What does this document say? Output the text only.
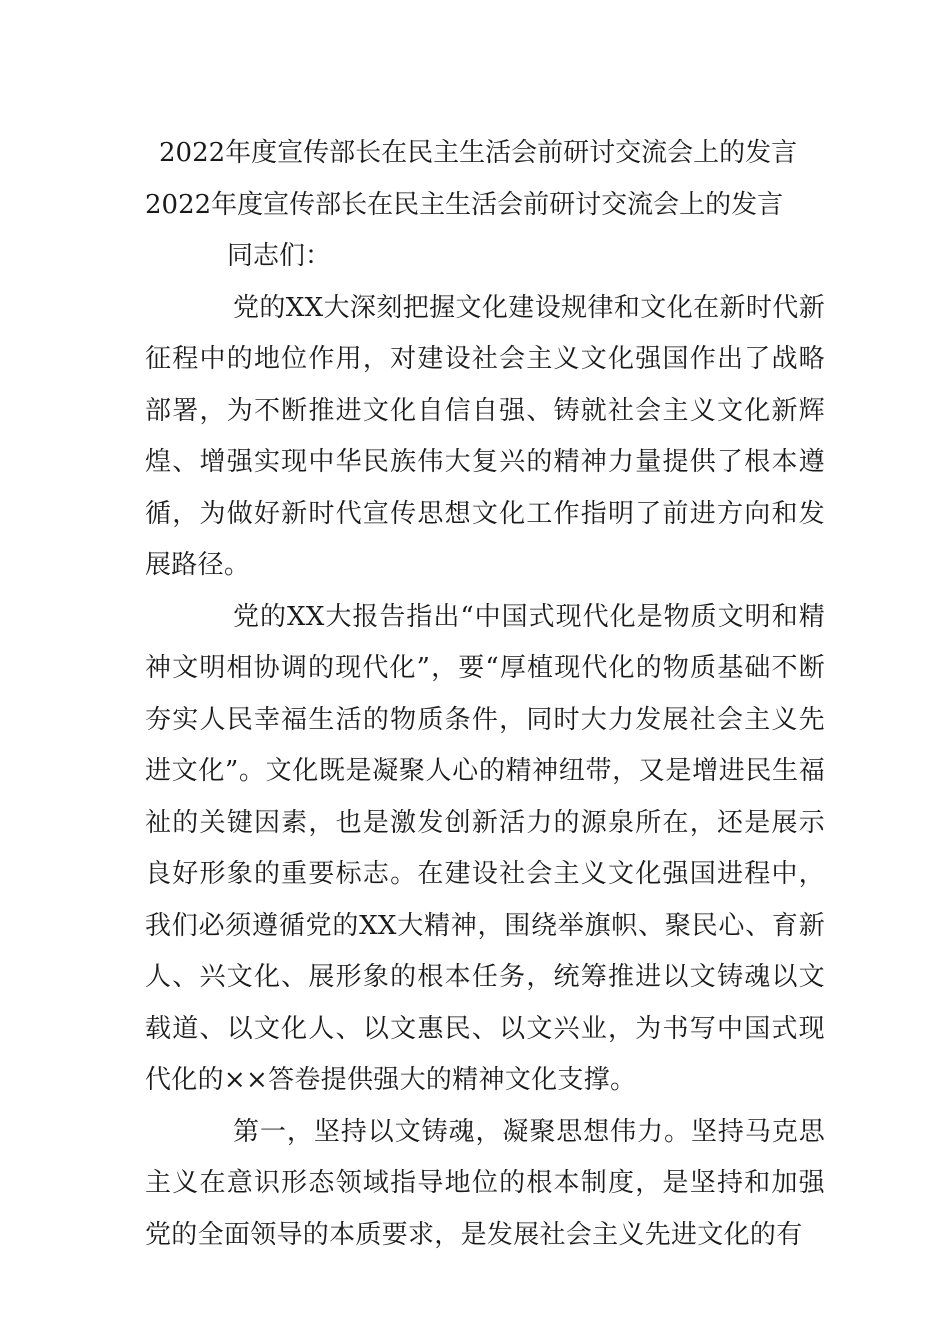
2022年度宣传部长在民主生活会前研讨交流会上的发言
2022年度宣传部长在民主生活会前研讨交流会上的发言

同志们：

党的XX大深刻把握文化建设规律和文化在新时代新征程中的地位作用，对建设社会主义文化强国作出了战略部署，为不断推进文化自信自强、铸就社会主义文化新辉煌、增强实现中华民族伟大复兴的精神力量提供了根本遵循，为做好新时代宣传思想文化工作指明了前进方向和发展路径。

党的XX大报告指出“中国式现代化是物质文明和精神文明相协调的现代化”，要“厚植现代化的物质基础不断夯实人民幸福生活的物质条件，同时大力发展社会主义先进文化”。文化既是凝聚人心的精神纽带，又是增进民生福祉的关键因素，也是激发创新活力的源泉所在，还是展示良好形象的重要标志。在建设社会主义文化强国进程中，我们必须遵循党的XX大精神，围绕举旗帜、聚民心、育新人、兴文化、展形象的根本任务，统筹推进以文铸魂以文载道、以文化人、以文惠民、以文兴业，为书写中国式现代化的××答卷提供强大的精神文化支撑。

第一，坚持以文铸魂，凝聚思想伟力。坚持马克思主义在意识形态领域指导地位的根本制度，是坚持和加强党的全面领导的本质要求，是发展社会主义先进文化的有
